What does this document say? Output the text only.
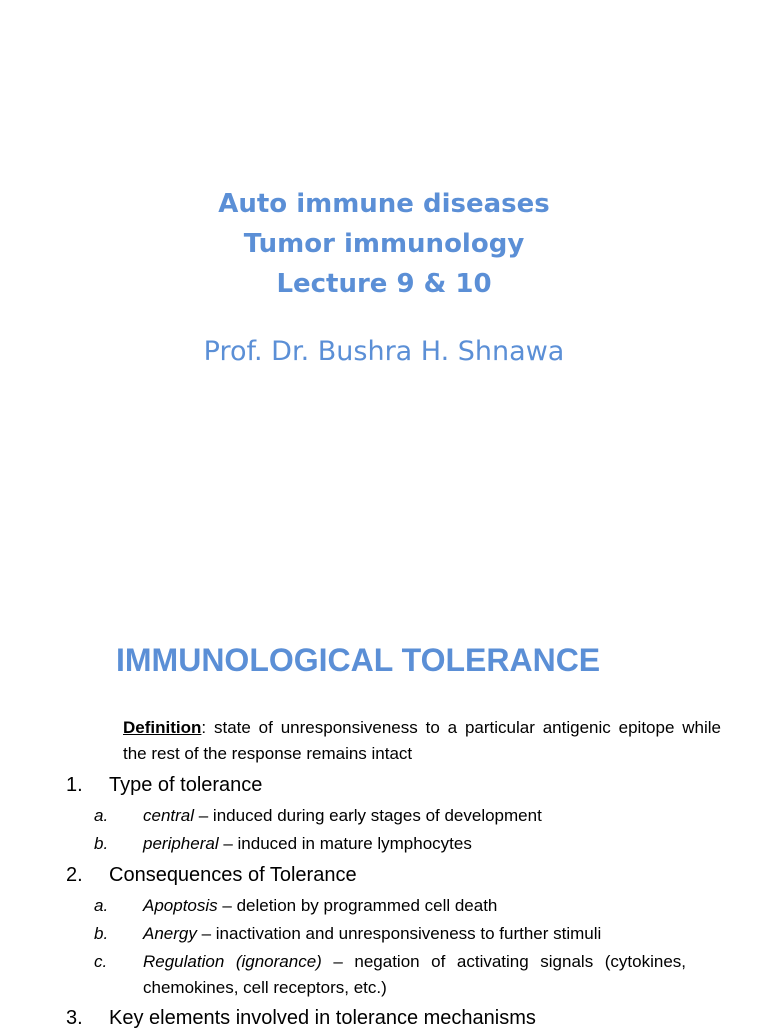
Auto immune diseases
Tumor immunology
Lecture 9 & 10
Prof. Dr. Bushra H. Shnawa
IMMUNOLOGICAL TOLERANCE
Definition: state of unresponsiveness to a particular antigenic epitope while the rest of the response remains intact
1. Type of tolerance
a. central – induced during early stages of development
b. peripheral – induced in mature lymphocytes
2. Consequences of Tolerance
a. Apoptosis – deletion by programmed cell death
b. Anergy – inactivation and unresponsiveness to further stimuli
c. Regulation (ignorance) – negation of activating signals (cytokines, chemokines, cell receptors, etc.)
3. Key elements involved in tolerance mechanisms
